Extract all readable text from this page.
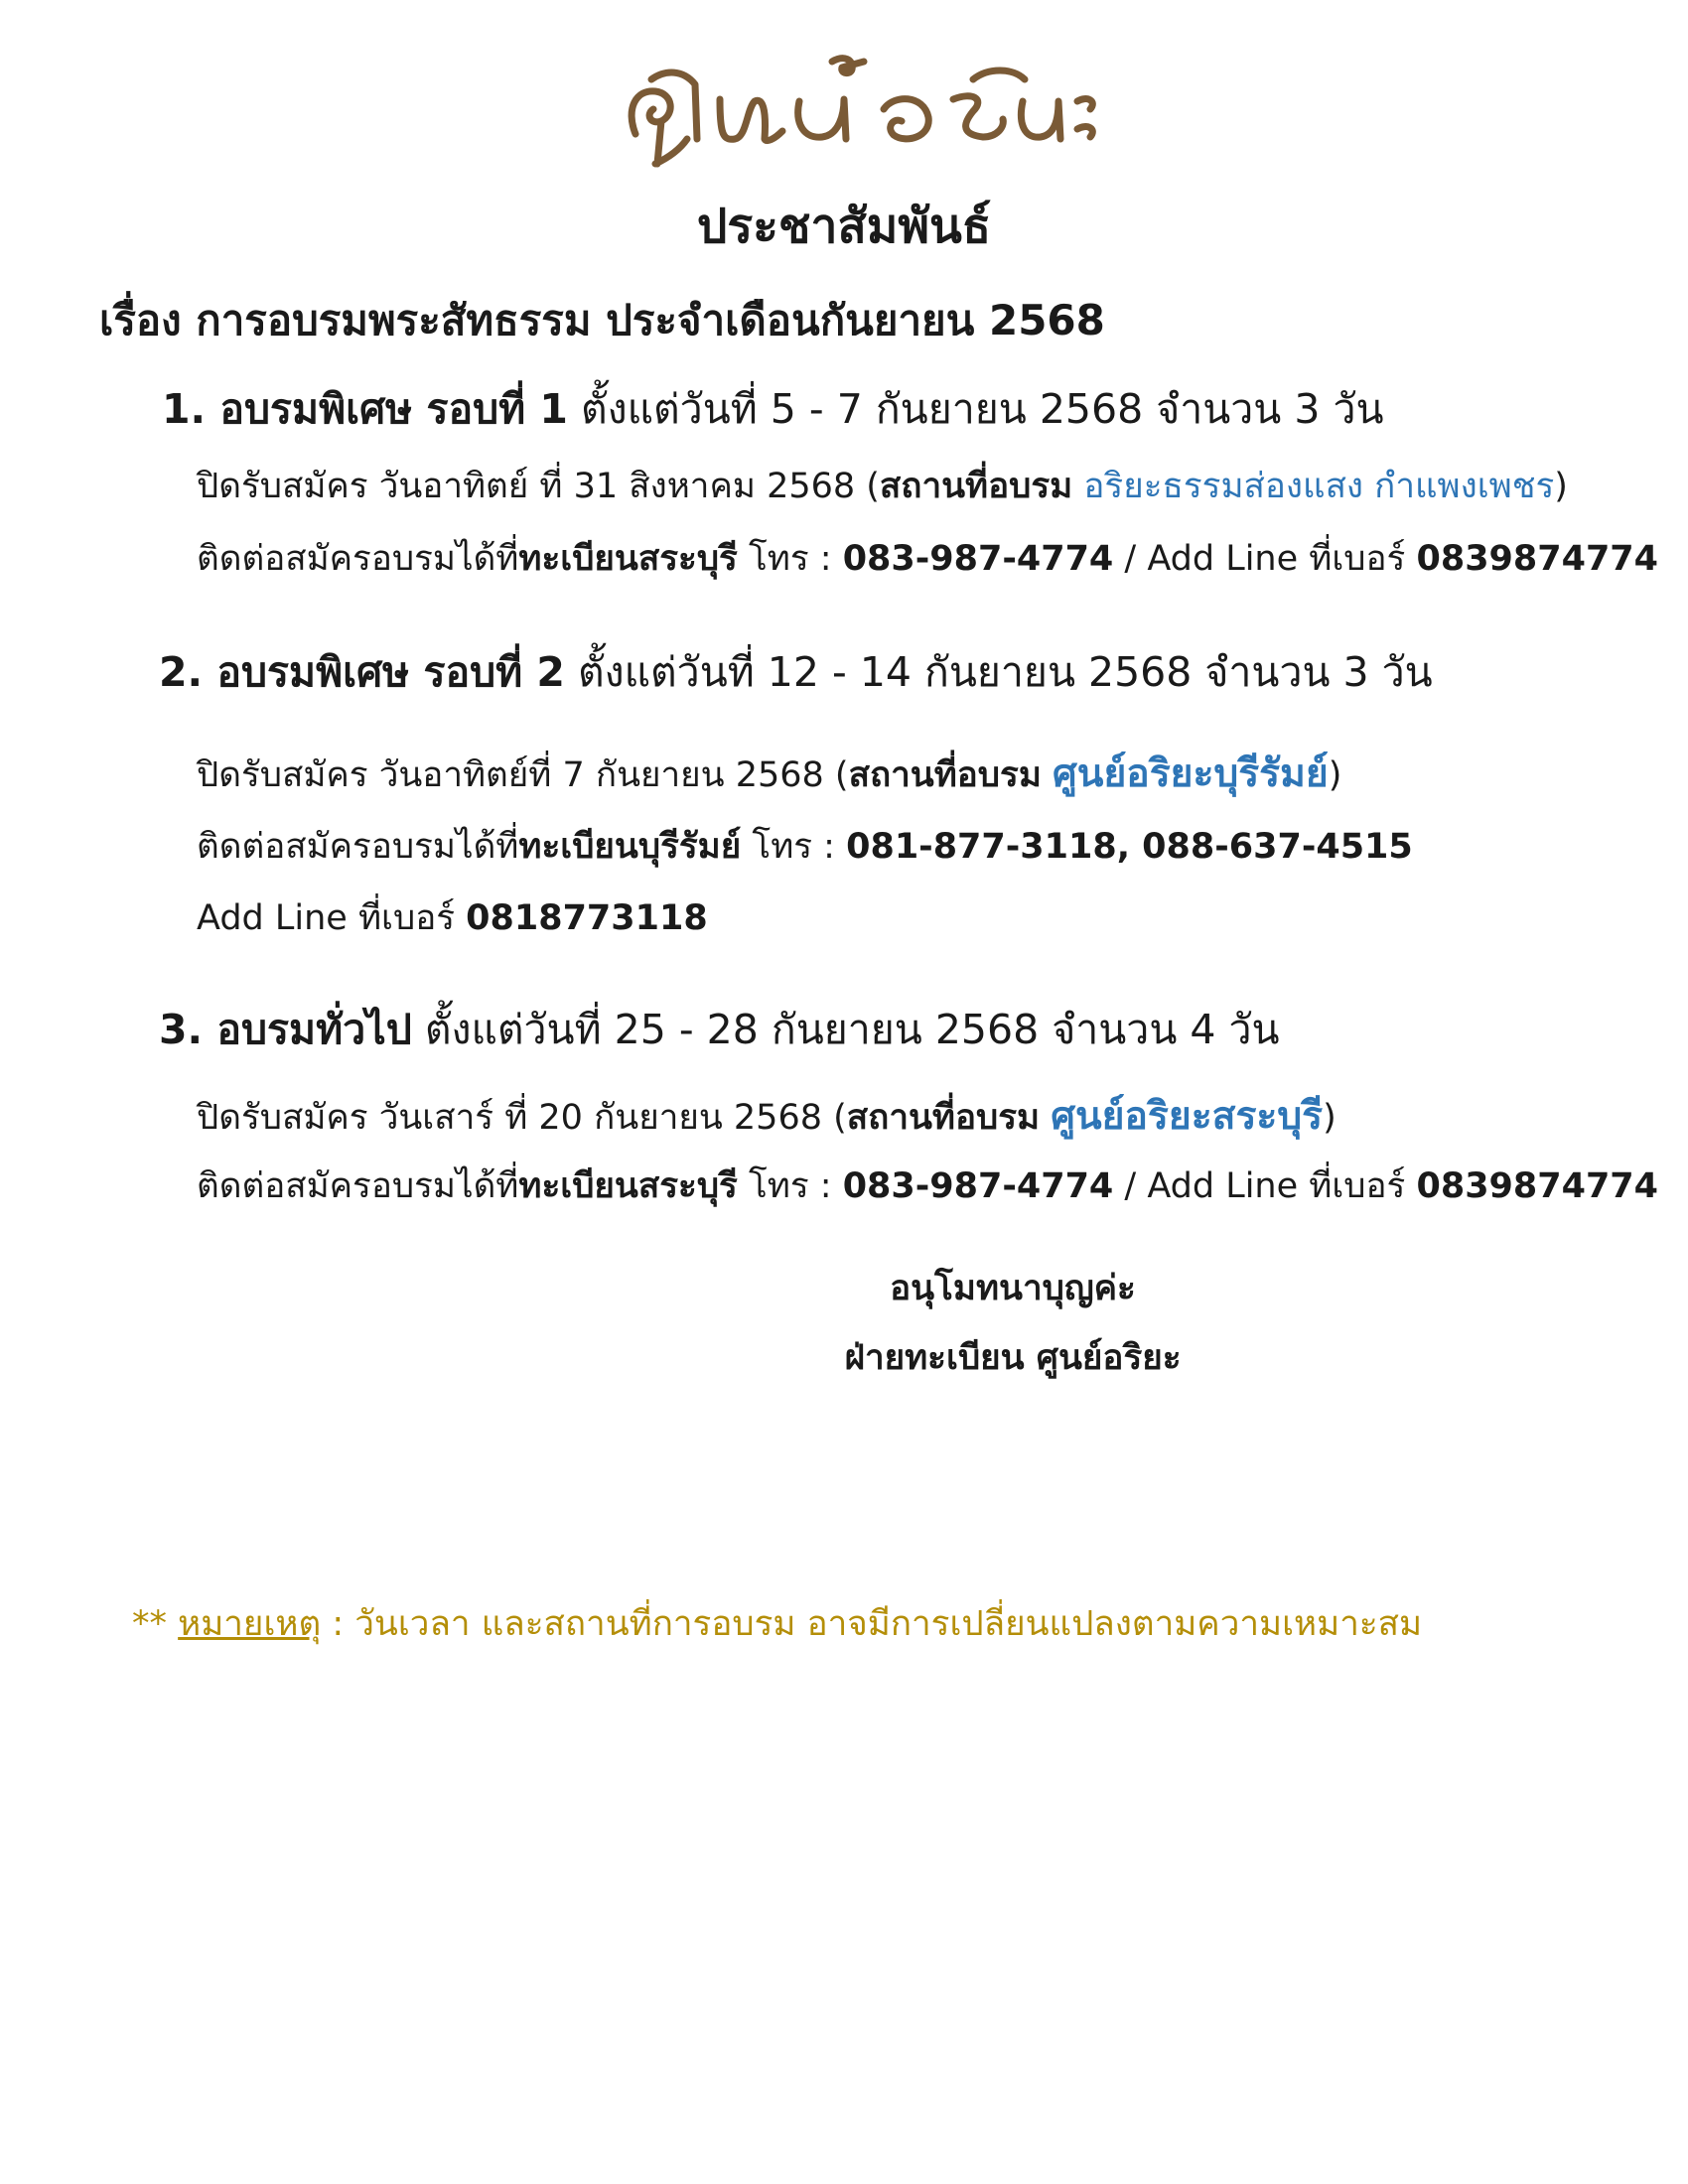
ประชาสัมพันธ์
เรื่อง การอบรมพระสัทธรรม ประจำเดือนกันยายน 2568
1. อบรมพิเศษ รอบที่ 1 ตั้งแต่วันที่ 5 - 7 กันยายน 2568 จำนวน 3 วัน
ปิดรับสมัคร วันอาทิตย์ ที่ 31 สิงหาคม 2568 (สถานที่อบรม อริยะธรรมส่องแสง กำแพงเพชร)
ติดต่อสมัครอบรมได้ที่ทะเบียนสระบุรี โทร : 083-987-4774 / Add Line ที่เบอร์ 0839874774
2. อบรมพิเศษ รอบที่ 2 ตั้งแต่วันที่ 12 - 14 กันยายน 2568 จำนวน 3 วัน
ปิดรับสมัคร วันอาทิตย์ที่ 7 กันยายน 2568 (สถานที่อบรม ศูนย์อริยะบุรีรัมย์)
ติดต่อสมัครอบรมได้ที่ทะเบียนบุรีรัมย์ โทร : 081-877-3118, 088-637-4515
Add Line ที่เบอร์ 0818773118
3. อบรมทั่วไป ตั้งแต่วันที่ 25 - 28 กันยายน 2568 จำนวน 4 วัน
ปิดรับสมัคร วันเสาร์ ที่ 20 กันยายน 2568 (สถานที่อบรม ศูนย์อริยะสระบุรี)
ติดต่อสมัครอบรมได้ที่ทะเบียนสระบุรี โทร : 083-987-4774 / Add Line ที่เบอร์ 0839874774
อนุโมทนาบุญค่ะ
ฝ่ายทะเบียน ศูนย์อริยะ
** หมายเหตุ : วันเวลา และสถานที่การอบรม อาจมีการเปลี่ยนแปลงตามความเหมาะสม
